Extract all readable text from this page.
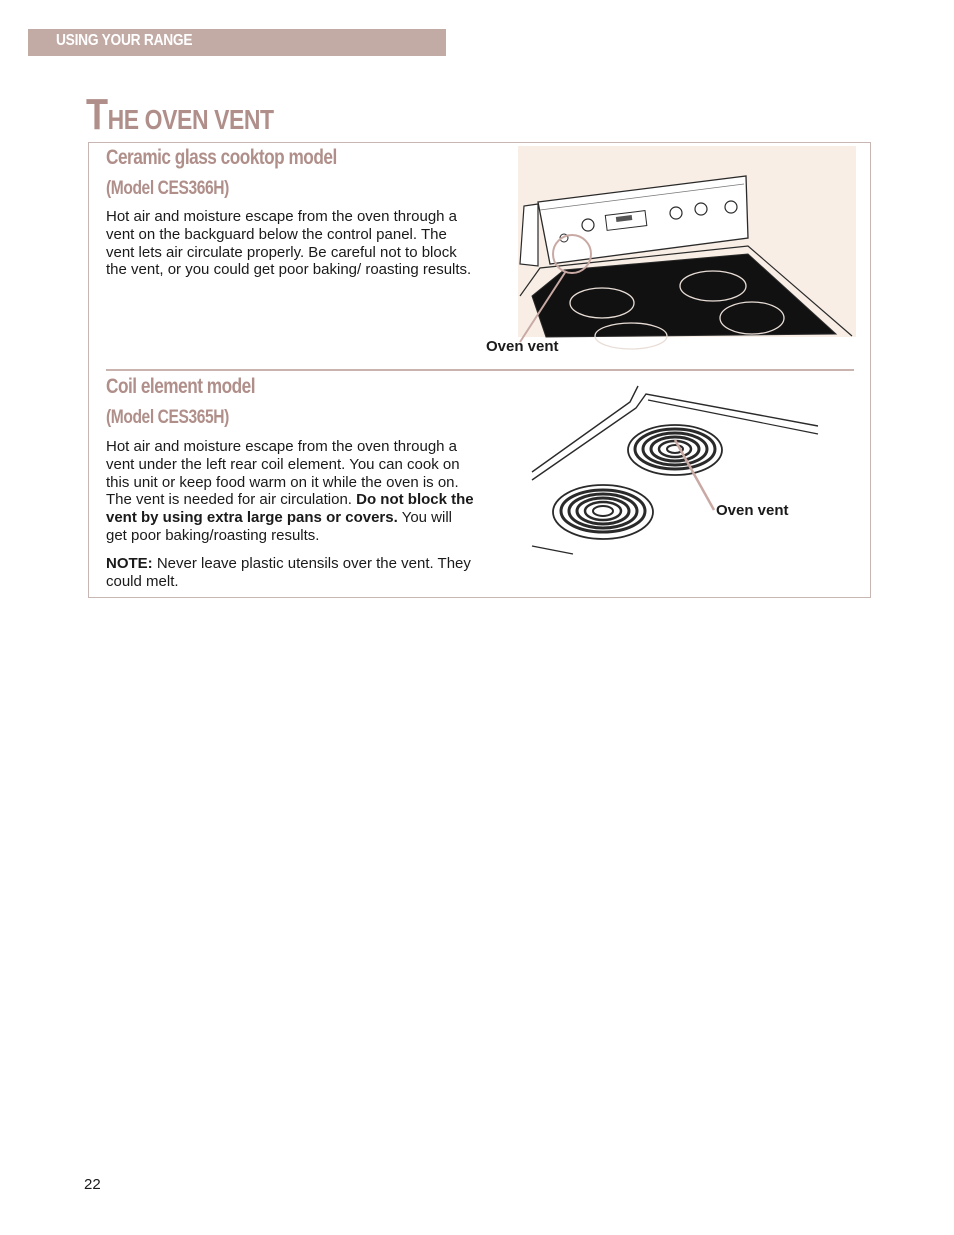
USING YOUR RANGE
THE OVEN VENT
Ceramic glass cooktop model
(Model CES366H)
Hot air and moisture escape from the oven through a vent on the backguard below the control panel. The vent lets air circulate properly. Be careful not to block the vent, or you could get poor baking/ roasting results.
Oven vent
Coil element model
(Model CES365H)
Hot air and moisture escape from the oven through a vent under the left rear coil element. You can cook on this unit or keep food warm on it while the oven is on. The vent is needed for air circulation. Do not block the vent by using extra large pans or covers. You will get poor baking/roasting results.
NOTE: Never leave plastic utensils over the vent. They could melt.
Oven vent
22
